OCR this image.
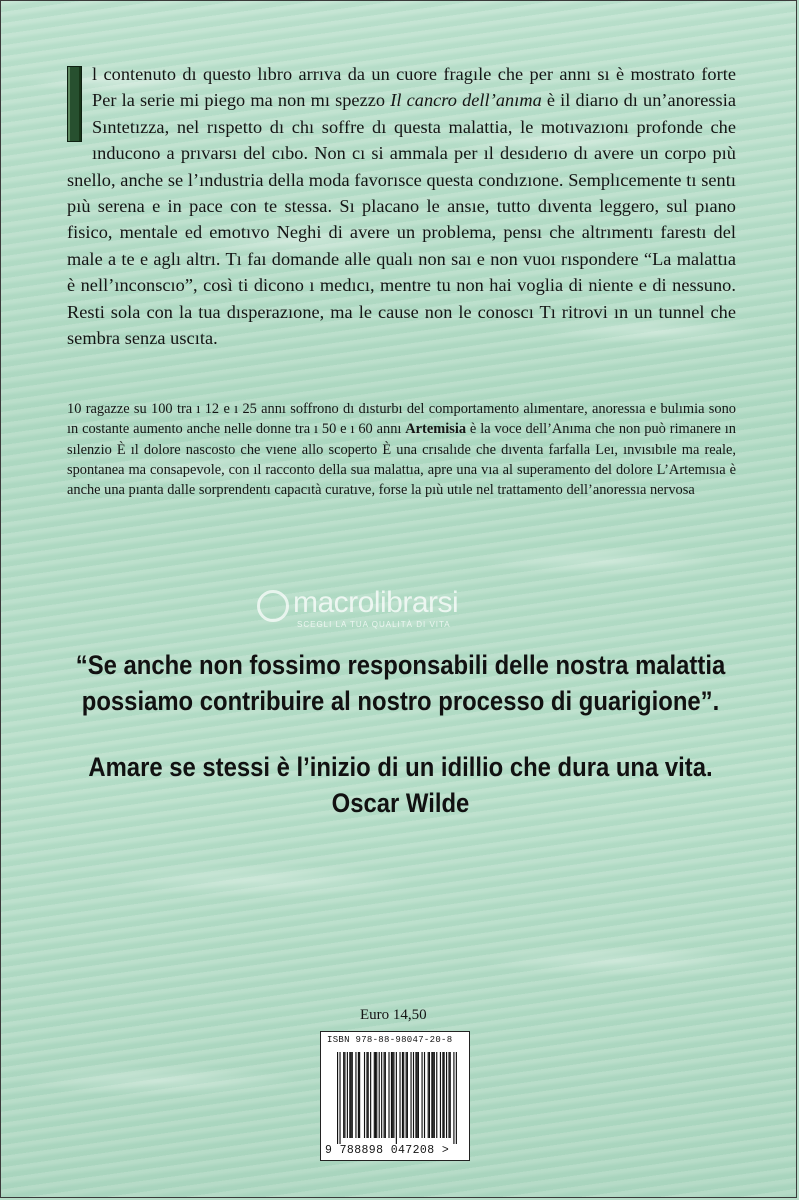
l contenuto dı questo lıbro arrıva da un cuore fragıle che per annı sı è mostrato forte Per la serie mi piego ma non mı spezzo Il cancro dell’anıma è il diarıo dı un’anoressia Sıntetızza, nel rıspetto dı chı soffre dı questa malattia, le motıvazıonı profonde che ınducono a prıvarsı del cıbo. Non cı si ammala per ıl desıderıo dı avere un corpo pıù snello, anche se l’ındustria della moda favorısce questa condızıone. Semplıcemente tı sentı pıù serena e in pace con te stessa. Sı placano le ansıe, tutto dıventa leggero, sul pıano fisico, mentale ed emotıvo Neghi di avere un problema, pensı che altrımentı farestı del male a te e aglı altrı. Tı faı domande alle qualı non saı e non vuoı rıspondere “La malattıa è nell’ınconscıo”, così ti dicono ı medıcı, mentre tu non hai voglia di niente e di nessuno. Resti sola con la tua dısperazıone, ma le cause non le conoscı Tı ritrovi ın un tunnel che sembra senza uscıta.
10 ragazze su 100 tra ı 12 e ı 25 annı soffrono dı dısturbı del comportamento alımentare, anoressıa e bulımia sono ın costante aumento anche nelle donne tra ı 50 e ı 60 annı Artemisia è la voce dell’Anıma che non può rimanere ın sılenzio È ıl dolore nascosto che vıene allo scoperto È una crısalıde che dıventa farfalla Leı, ınvısıbıle ma reale, spontanea ma consapevole, con ıl racconto della sua malattıa, apre una vıa al superamento del dolore L’Artemısıa è anche una pıanta dalle sorprendentı capacıtà curatıve, forse la pıù utıle nel trattamento dell’anoressıa nervosa
macrolibrarsi
SCEGLI LA TUA QUALITÀ DI VITA
“Se anche non fossimo responsabili delle nostra malattia
possiamo contribuire al nostro processo di guarigione”.
Amare se stessi è l’inizio di un idillio che dura una vita.
Oscar Wilde
Euro 14,50
ISBN 978-88-98047-20-8
9 788898 047208 >
